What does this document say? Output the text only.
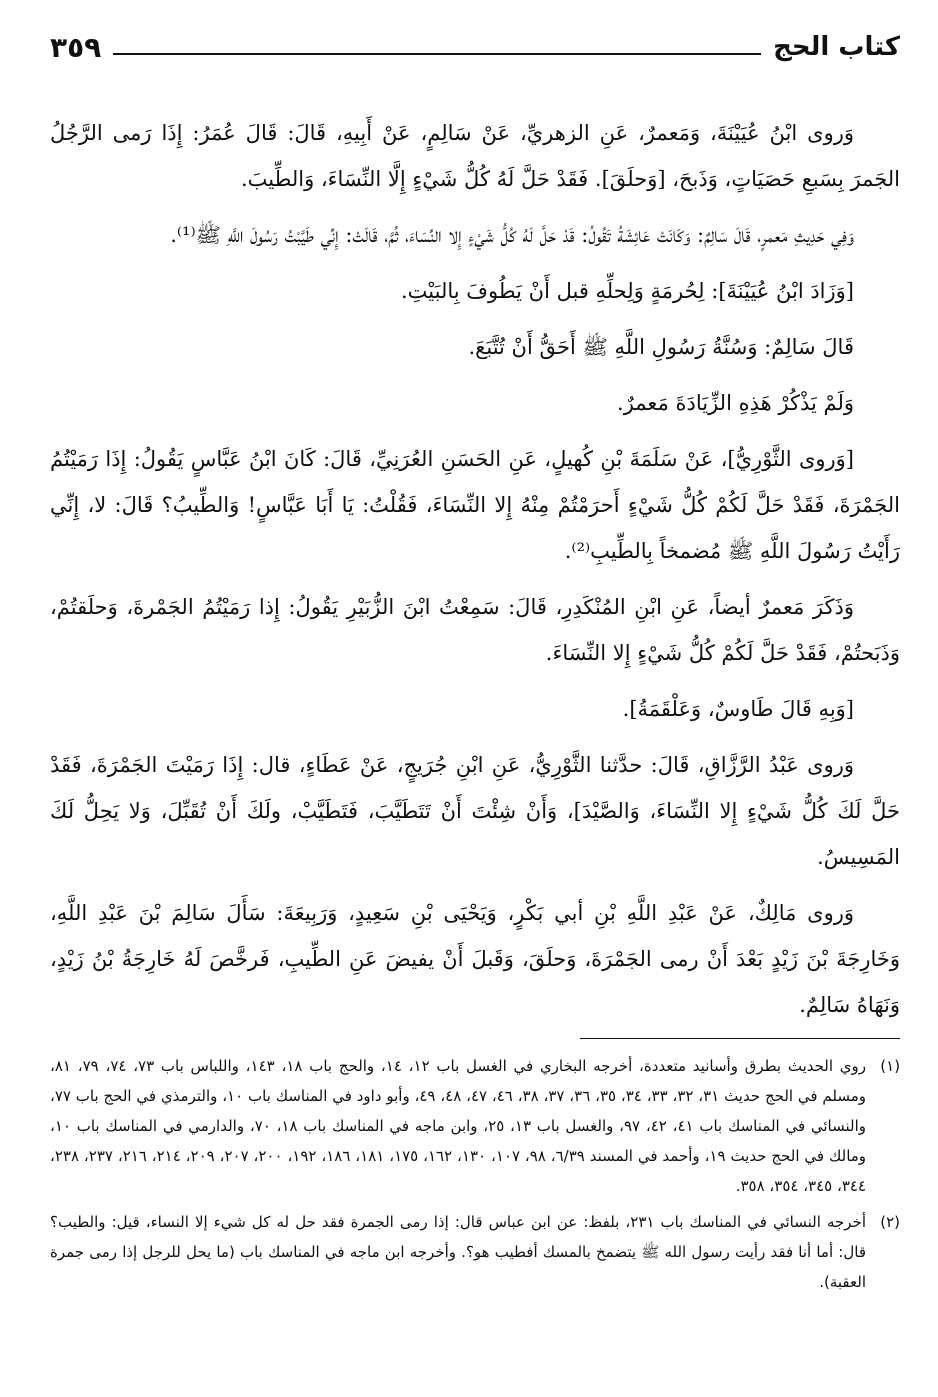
كتاب الحج
٣٥٩

وَروى ابْنُ عُيَيْنَةَ، وَمَعمرٌ، عَنِ الزهريِّ، عَنْ سَالِمٍ، عَنْ أَبِيهِ، قَالَ: قَالَ عُمَرُ: إِذَا رَمى الرَّجُلُ الجَمرَ بِسَبعِ حَصَيَاتٍ، وَذَبحَ، [وَحلَقَ]. فَقَدْ حَلَّ لَهُ كُلُّ شَيْءٍ إِلَّا النِّسَاءَ، وَالطِّيبَ.

وَفِي حَدِيثِ مَعمرٍ، قَالَ سَالِمٌ: وَكَانَتْ عَائِشَةُ تَقُولُ: قَدْ حَلَّ لَهُ كُلُّ شَيْءٍ إِلا النِّسَاءَ، ثُمَّ، قَالَتْ: إِنِّي طَيَّبْتُ رَسُولَ اللَّهِ ﷺ⁽¹⁾.

[وَزَادَ ابْنُ عُيَيْنَةَ]: لِحُرمَةٍ وَلِحلِّهِ قبل أَنْ يَطُوفَ بِالبَيْتِ.

قَالَ سَالِمٌ: وَسُنَّةُ رَسُولِ اللَّهِ ﷺ أَحَقُّ أَنْ تُتَّبَعَ.

وَلَمْ يَذْكُرْ هَذِهِ الزِّيَادَةَ مَعمرٌ.

[وَروى الثَّوْرِيُّ]، عَنْ سَلَمَةَ بْنِ كُهيلٍ، عَنِ الحَسَنِ العُرَنِيِّ، قَالَ: كَانَ ابْنُ عَبَّاسٍ يَقُولُ: إِذَا رَمَيْتُمُ الجَمْرَةَ، فَقَدْ حَلَّ لَكُمْ كُلُّ شَيْءٍ أَحرَمْتُمْ مِنْهُ إِلا النِّسَاءَ، فَقُلْتُ: يَا أَبَا عَبَّاسٍ! وَالطِّيبُ؟ قَالَ: لا، إِنِّي رَأَيْتُ رَسُولَ اللَّهِ ﷺ مُضمخاً بِالطِّيبِ⁽²⁾.

وَذَكَرَ مَعمرٌ أيضاً، عَنِ ابْنِ المُنْكَدِرِ، قَالَ: سَمِعْتُ ابْنَ الزُّبَيْرِ يَقُولُ: إِذا رَمَيْتُمُ الجَمْرةَ، وَحلَقتُمْ، وَذَبَحتُمْ، فَقَدْ حَلَّ لَكُمْ كُلُّ شَيْءٍ إِلا النِّسَاءَ.

[وَبِهِ قَالَ طَاوسٌ، وَعَلْقَمَةُ].

وَروى عَبْدُ الرَّزَّاقِ، قَالَ: حدَّثنا الثَّوْرِيُّ، عَنِ ابْنِ جُرَيجٍ، عَنْ عَطَاءٍ، قال: إِذَا رَمَيْتَ الجَمْرَةَ، فَقَدْ حَلَّ لَكَ كُلُّ شَيْءٍ إِلا النِّسَاءَ، وَالصَّيْدَ]، وَأَنْ شِئْتَ أَنْ تَتَطَيَّبَ، فَتَطَيَّبْ، ولَكَ أَنْ تُقَبِّلَ، وَلا يَحِلُّ لَكَ المَسِيسُ.

وَروى مَالِكٌ، عَنْ عَبْدِ اللَّهِ بْنِ أبي بَكْرٍ، وَيَحْيَى بْنِ سَعِيدٍ، وَرَبِيعَةَ: سَأَلَ سَالِمَ بْنَ عَبْدِ اللَّهِ، وَخَارِجَةَ بْنَ زَيْدٍ بَعْدَ أَنْ رمى الجَمْرَةَ، وَحلَقَ، وَقَبلَ أَنْ يفيضَ عَنِ الطِّيبِ، فَرخَّصَ لَهُ خَارِجَةُ بْنُ زَيْدٍ، وَنَهَاهُ سَالِمٌ.

(١)روي الحديث بطرق وأسانيد متعددة، أخرجه البخاري في الغسل باب ١٢، ١٤، والحج باب ١٨، ١٤٣، واللباس باب ٧٣، ٧٤، ٧٩، ٨١، ومسلم في الحج حديث ٣١، ٣٢، ٣٣، ٣٤، ٣٥، ٣٦، ٣٧، ٣٨، ٤٦، ٤٧، ٤٨، ٤٩، وأبو داود في المناسك باب ١٠، والترمذي في الحج باب ٧٧، والنسائي في المناسك باب ٤١، ٤٢، ٩٧، والغسل باب ١٣، ٢٥، وابن ماجه في المناسك باب ١٨، ٧٠، والدارمي في المناسك باب ١٠، ومالك في الحج حديث ١٩، وأحمد في المسند ٦/٣٩، ٩٨، ١٠٧، ١٣٠، ١٦٢، ١٧٥، ١٨١، ١٨٦، ١٩٢، ٢٠٠، ٢٠٧، ٢٠٩، ٢١٤، ٢١٦، ٢٣٧، ٢٣٨، ٣٤٤، ٣٤٥، ٣٥٤، ٣٥٨.

(٢)أخرجه النسائي في المناسك باب ٢٣١، بلفظ: عن ابن عباس قال: إذا رمى الجمرة فقد حل له كل شيء إلا النساء، قيل: والطيب؟ قال: أما أنا فقد رأيت رسول الله ﷺ يتضمخ بالمسك أفطيب هو؟. وأخرجه ابن ماجه في المناسك باب (ما يحل للرجل إذا رمى جمرة العقبة).
